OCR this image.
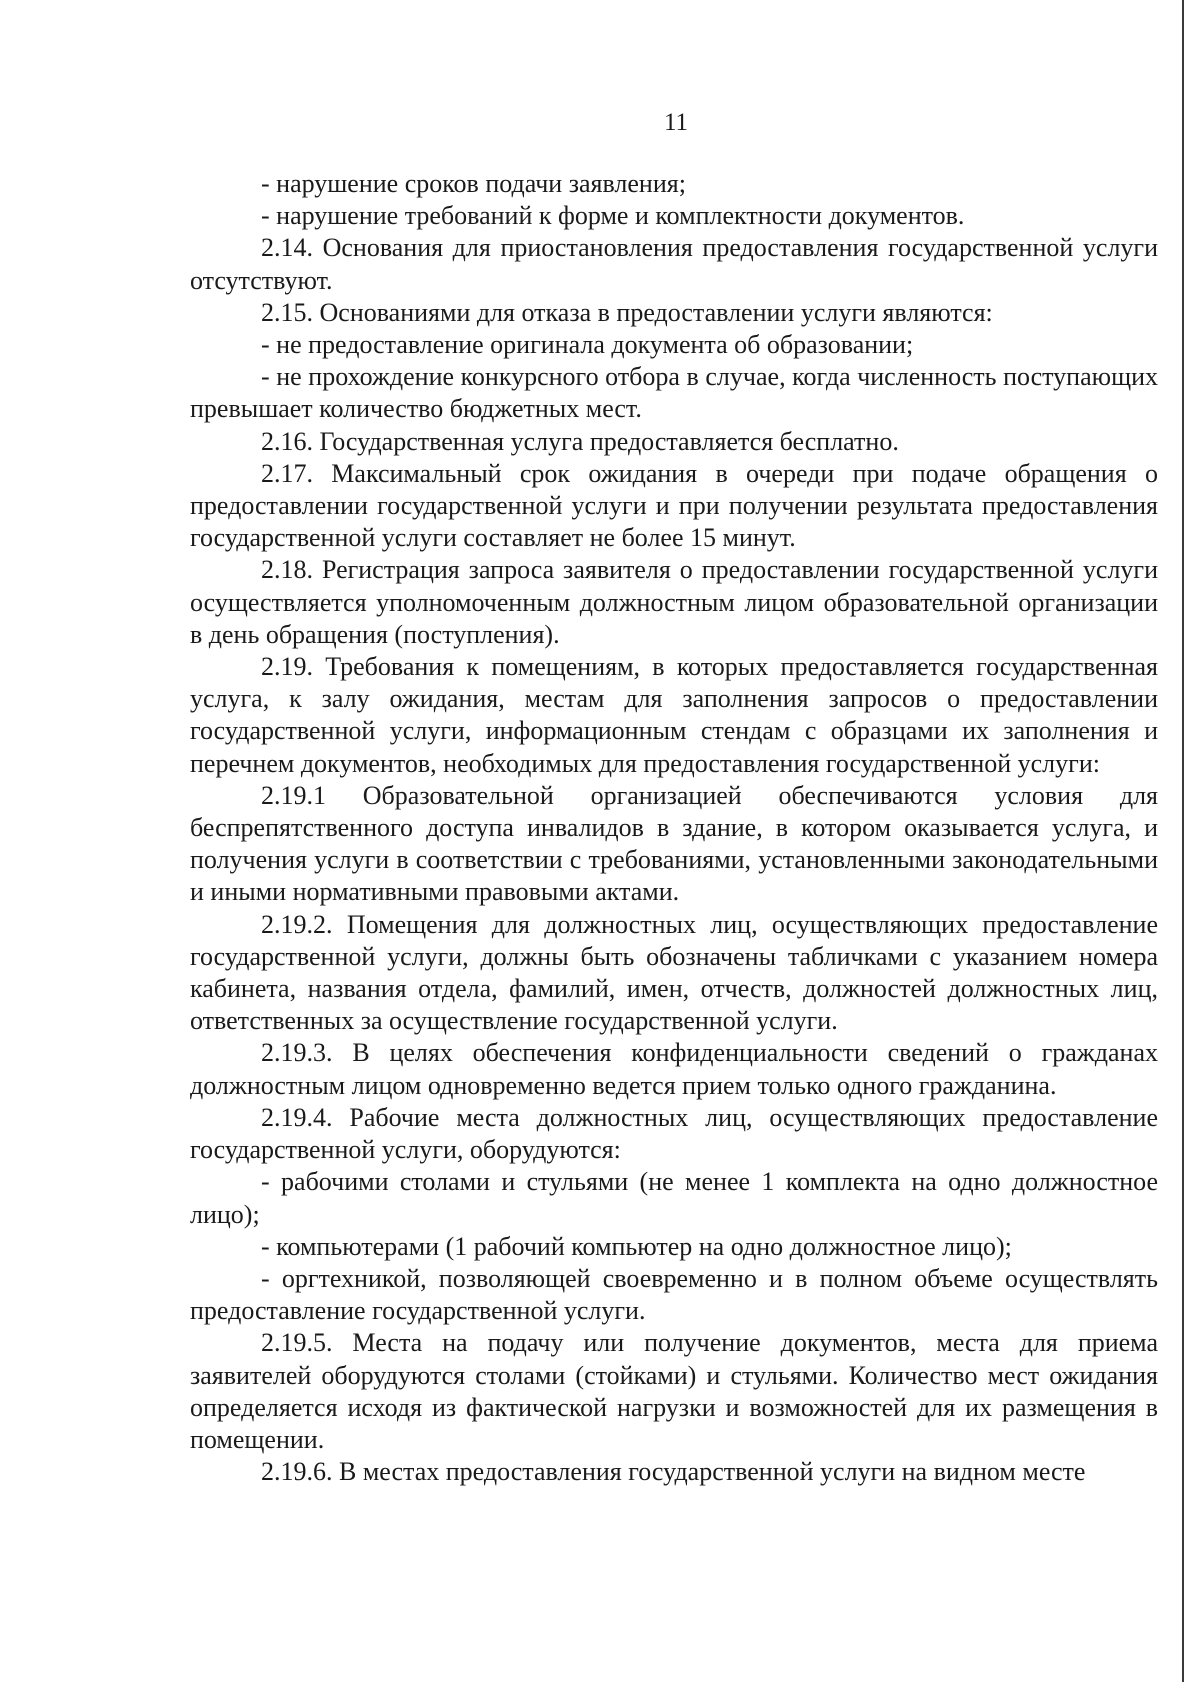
11

- нарушение сроков подачи заявления;

- нарушение требований к форме и комплектности документов.

2.14. Основания для приостановления предоставления государственной услуги отсутствуют.

2.15. Основаниями для отказа в предоставлении услуги являются:

- не предоставление оригинала документа об образовании;

- не прохождение конкурсного отбора в случае, когда численность поступающих превышает количество бюджетных мест.

2.16. Государственная услуга предоставляется бесплатно.

2.17. Максимальный срок ожидания в очереди при подаче обращения о предоставлении государственной услуги и при получении результата предоставления государственной услуги составляет не более 15 минут.

2.18. Регистрация запроса заявителя о предоставлении государственной услуги осуществляется уполномоченным должностным лицом образовательной организации в день обращения (поступления).

2.19. Требования к помещениям, в которых предоставляется государственная услуга, к залу ожидания, местам для заполнения запросов о предоставлении государственной услуги, информационным стендам с образцами их заполнения и перечнем документов, необходимых для предоставления государственной услуги:

2.19.1 Образовательной организацией обеспечиваются условия для беспрепятственного доступа инвалидов в здание, в котором оказывается услуга, и получения услуги в соответствии с требованиями, установленными законодательными и иными нормативными правовыми актами.

2.19.2. Помещения для должностных лиц, осуществляющих предоставление государственной услуги, должны быть обозначены табличками с указанием номера кабинета, названия отдела, фамилий, имен, отчеств, должностей должностных лиц, ответственных за осуществление государственной услуги.

2.19.3. В целях обеспечения конфиденциальности сведений о гражданах должностным лицом одновременно ведется прием только одного гражданина.

2.19.4. Рабочие места должностных лиц, осуществляющих предоставление государственной услуги, оборудуются:

- рабочими столами и стульями (не менее 1 комплекта на одно должностное лицо);

- компьютерами (1 рабочий компьютер на одно должностное лицо);

- оргтехникой, позволяющей своевременно и в полном объеме осуществлять предоставление государственной услуги.

2.19.5. Места на подачу или получение документов, места для приема заявителей оборудуются столами (стойками) и стульями. Количество мест ожидания определяется исходя из фактической нагрузки и возможностей для их размещения в помещении.

2.19.6. В местах предоставления государственной услуги на видном месте
